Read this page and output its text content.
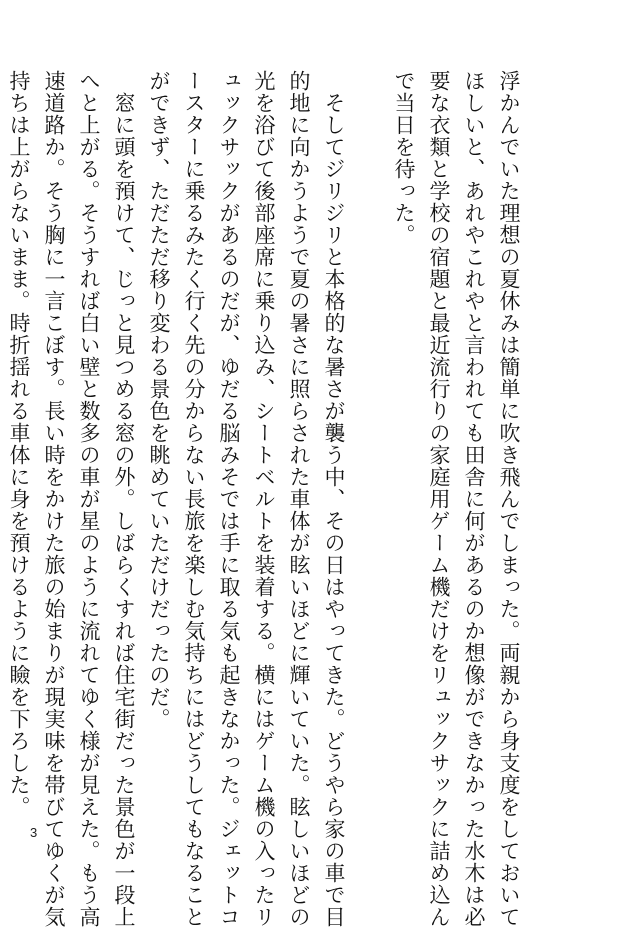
浮かんでいた理想の夏休みは簡単に吹き飛んでしまった。両親から身支度をしておいて
ほしいと、あれやこれやと言われても田舎に何があるのか想像ができなかった水木は必
要な衣類と学校の宿題と最近流行りの家庭用ゲーム機だけをリュックサックに詰め込ん
で当日を待った。
　そしてジリジリと本格的な暑さが襲う中、その日はやってきた。どうやら家の車で目
的地に向かうようで夏の暑さに照らされた車体が眩いほどに輝いていた。眩しいほどの
光を浴びて後部座席に乗り込み、シートベルトを装着する。横にはゲーム機の入ったリ
ュックサックがあるのだが、ゆだる脳みそでは手に取る気も起きなかった。ジェットコ
ースターに乗るみたく行く先の分からない長旅を楽しむ気持ちにはどうしてもなること
ができず、ただただ移り変わる景色を眺めていただけだったのだ。
　窓に頭を預けて、じっと見つめる窓の外。しばらくすれば住宅街だった景色が一段上
へと上がる。そうすれば白い壁と数多の車が星のように流れてゆく様が見えた。もう高
速道路か。そう胸に一言こぼす。長い時をかけた旅の始まりが現実味を帯びてゆくが気
持ちは上がらないまま。時折揺れる車体に身を預けるように瞼を下ろした。
3
